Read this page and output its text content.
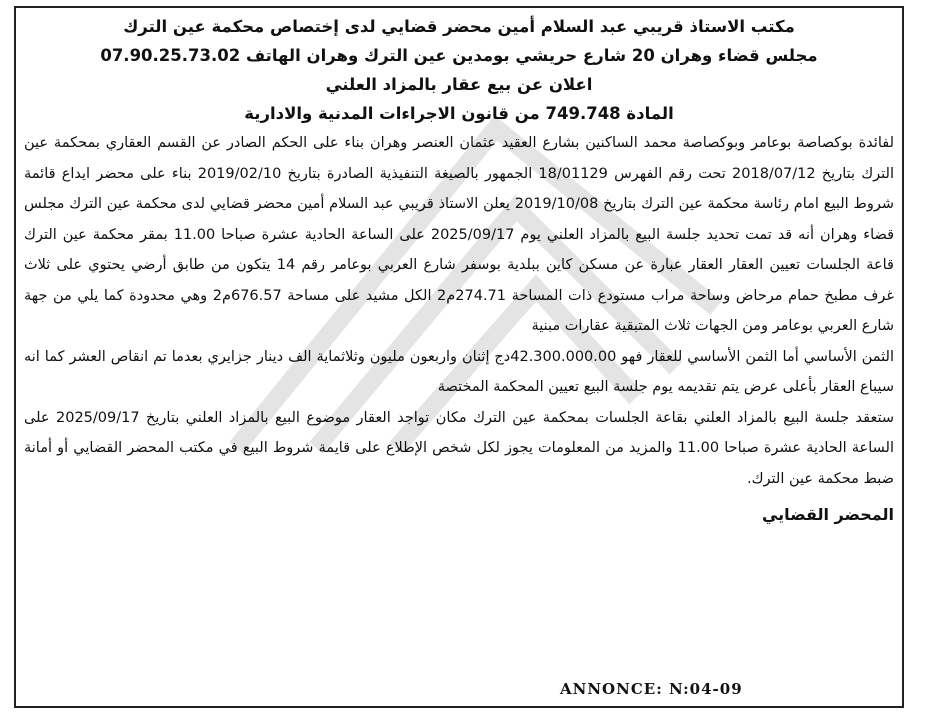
مكتب الاستاذ قريبي عبد السلام أمين محضر قضايي لدى إختصاص محكمة عين الترك

مجلس قضاء وهران 20 شارع حريشي بومدين عين الترك وهران الهاتف 07.90.25.73.02

اعلان عن بيع عقار بالمزاد العلني

المادة 749.748 من قانون الاجراءات المدنية والادارية

لفائدة بوكصاصة بوعامر وبوكصاصة محمد الساكنين بشارع العقيد عثمان العنصر وهران بناء على الحكم الصادر عن القسم العقاري بمحكمة عين الترك بتاريخ 2018/07/12 تحت رقم الفهرس 18/01129 الجمهور بالصيغة التنفيذية الصادرة بتاريخ 2019/02/10 بناء على محضر ايداع قائمة شروط البيع امام رئاسة محكمة عين الترك بتاريخ 2019/10/08 يعلن الاستاذ قريبي عبد السلام أمين محضر قضايي لدى محكمة عين الترك مجلس قضاء وهران أنه قد تمت تحديد جلسة البيع بالمزاد العلني يوم 2025/09/17 على الساعة الحادية عشرة صباحا 11.00 بمقر محكمة عين الترك قاعة الجلسات تعيين العقار العقار عبارة عن مسكن كاين ببلدية بوسفر شارع العربي بوعامر رقم 14 يتكون من طابق أرضي يحتوي على ثلاث غرف مطبخ حمام مرحاض وساحة مراب مستودع ذات المساحة 274.71م2 الكل مشيد على مساحة 676.57م2 وهي محدودة كما يلي من جهة شارع العربي بوعامر ومن الجهات ثلاث المتبقية عقارات مبنية

الثمن الأساسي أما الثمن الأساسي للعقار فهو 42.300.000.00دج إثنان واربعون مليون وثلاثماية الف دينار جزايري بعدما تم انقاص العشر كما انه سيباع العقار بأعلى عرض يتم تقديمه يوم جلسة البيع تعيين المحكمة المختصة

ستعقد جلسة البيع بالمزاد العلني بقاعة الجلسات بمحكمة عين الترك مكان تواجد العقار موضوع البيع بالمزاد العلني بتاريخ 2025/09/17 على الساعة الحادية عشرة صباحا 11.00 والمزيد من المعلومات يجوز لكل شخص الإطلاع على قايمة شروط البيع في مكتب المحضر القضايي أو أمانة ضبط محكمة عين الترك.

المحضر القضايي
ANNONCE: N:04-09
